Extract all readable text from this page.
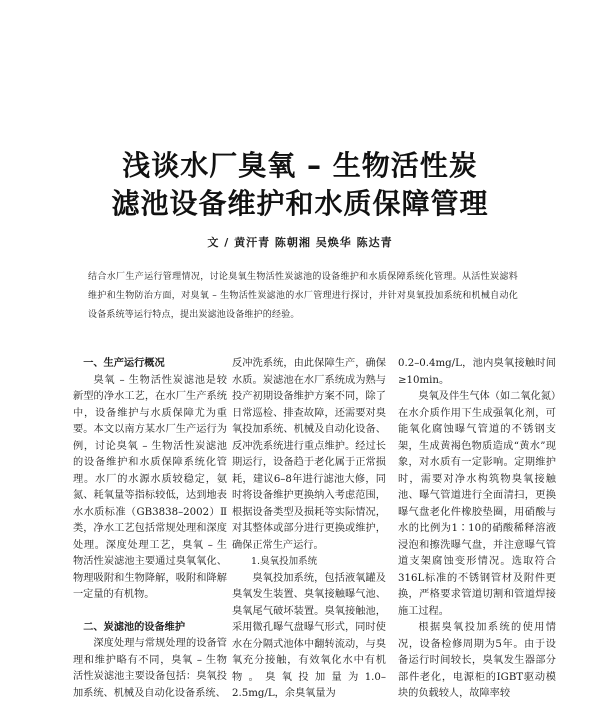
浅谈水厂臭氧 – 生物活性炭
滤池设备维护和水质保障管理
文 / 黄汗青 陈朝湘 吴焕华 陈达青

结合水厂生产运行管理情况，讨论臭氧生物活性炭滤池的设备维护和水质保障系统化管理。从活性炭滤料维护和生物防治方面，对臭氧 – 生物活性炭滤池的水厂管理进行探讨，并针对臭氧投加系统和机械自动化设备系统等运行特点，提出炭滤池设备维护的经验。

一、生产运行概况

臭氧 – 生物活性炭滤池是较新型的净水工艺，在水厂生产系统中，设备维护与水质保障尤为重要。本文以南方某水厂生产运行为例，讨论臭氧 – 生物活性炭滤池的设备维护和水质保障系统化管理。水厂的水源水质较稳定，氨氮、耗氧量等指标较低，达到地表水水质标准（GB3838–2002）Ⅱ类，净水工艺包括常规处理和深度处理。深度处理工艺，臭氧 – 生物活性炭滤池主要通过臭氧氧化、物理吸附和生物降解，吸附和降解一定量的有机物。

二、炭滤池的设备维护

深度处理与常规处理的设备管理和维护略有不同，臭氧 – 生物活性炭滤池主要设备包括：臭氧投加系统、机械及自动化设备系统、

反冲洗系统，由此保障生产，确保水质。炭滤池在水厂系统成为熟与投产初期设备维护方案不同，除了日常巡检、排查故障，还需要对臭氧投加系统、机械及自动化设备、反冲洗系统进行重点维护。经过长期运行，设备趋于老化属于正常损耗，建议6–8年进行滤池大修，同时将设备维护更换纳入考虑范围，根据设备类型及损耗等实际情况，对其整体或部分进行更换或维护，确保正常生产运行。

1.臭氧投加系统

臭氧投加系统，包括液氧罐及臭氧发生装置、臭氧接触曝气池、臭氧尾气破坏装置。臭氧接触池，采用微孔曝气盘曝气形式，同时使水在分隔式池体中翻转流动，与臭氧充分接触，有效氧化水中有机物。臭氧投加量为1.0–2.5mg/L，余臭氧量为

0.2–0.4mg/L，池内臭氧接触时间≥10min。

臭氧及伴生气体（如二氧化氮）在水介质作用下生成强氧化剂，可能氧化腐蚀曝气管道的不锈钢支架，生成黄褐色物质造成“黄水”现象，对水质有一定影响。定期维护时，需要对净水构筑物臭氧接触池、曝气管道进行全面清扫，更换曝气盘老化件橡胶垫圈，用硝酸与水的比例为1∶10的硝酸稀释溶液浸泡和擦洗曝气盘，并注意曝气管道支架腐蚀变形情况。选取符合316L标准的不锈钢管材及附件更换，严格要求管道切割和管道焊接施工过程。

根据臭氧投加系统的使用情况，设备检修周期为5年。由于设备运行时间较长，臭氧发生器部分部件老化，电源柜的IGBT驱动模块的负载较人，故障率较
